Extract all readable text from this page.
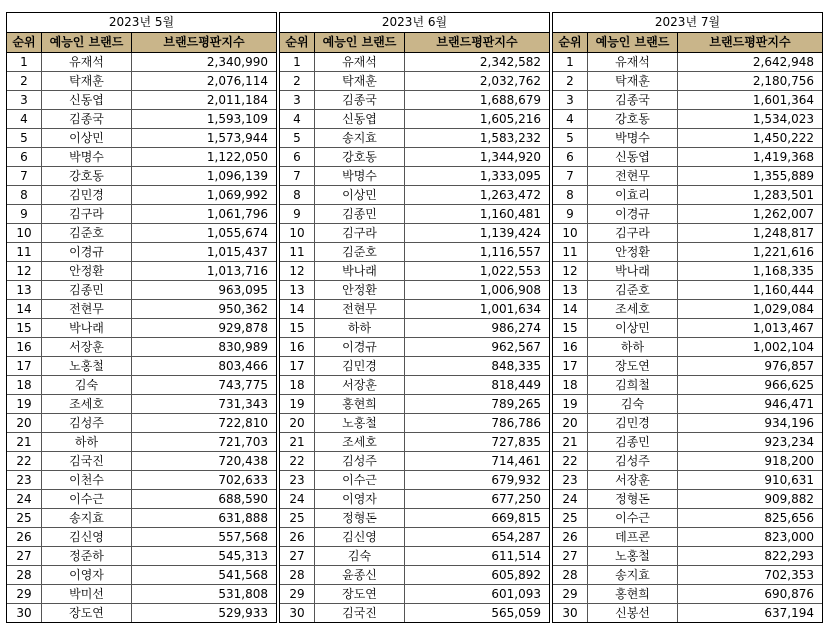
2023년 5월
순위	예능인 브랜드	브랜드평판지수
1	유재석	2,340,990
2	탁재훈	2,076,114
3	신동엽	2,011,184
4	김종국	1,593,109
5	이상민	1,573,944
6	박명수	1,122,050
7	강호동	1,096,139
8	김민경	1,069,992
9	김구라	1,061,796
10	김준호	1,055,674
11	이경규	1,015,437
12	안정환	1,013,716
13	김종민	963,095
14	전현무	950,362
15	박나래	929,878
16	서장훈	830,989
17	노홍철	803,466
18	김숙	743,775
19	조세호	731,343
20	김성주	722,810
21	하하	721,703
22	김국진	720,438
23	이천수	702,633
24	이수근	688,590
25	송지효	631,888
26	김신영	557,568
27	정준하	545,313
28	이영자	541,568
29	박미선	531,808
30	장도연	529,933
2023년 6월
순위	예능인 브랜드	브랜드평판지수
1	유재석	2,342,582
2	탁재훈	2,032,762
3	김종국	1,688,679
4	신동엽	1,605,216
5	송지효	1,583,232
6	강호동	1,344,920
7	박명수	1,333,095
8	이상민	1,263,472
9	김종민	1,160,481
10	김구라	1,139,424
11	김준호	1,116,557
12	박나래	1,022,553
13	안정환	1,006,908
14	전현무	1,001,634
15	하하	986,274
16	이경규	962,567
17	김민경	848,335
18	서장훈	818,449
19	홍현희	789,265
20	노홍철	786,786
21	조세호	727,835
22	김성주	714,461
23	이수근	679,932
24	이영자	677,250
25	정형돈	669,815
26	김신영	654,287
27	김숙	611,514
28	윤종신	605,892
29	장도연	601,093
30	김국진	565,059
2023년 7월
순위	예능인 브랜드	브랜드평판지수
1	유재석	2,642,948
2	탁재훈	2,180,756
3	김종국	1,601,364
4	강호동	1,534,023
5	박명수	1,450,222
6	신동엽	1,419,368
7	전현무	1,355,889
8	이효리	1,283,501
9	이경규	1,262,007
10	김구라	1,248,817
11	안정환	1,221,616
12	박나래	1,168,335
13	김준호	1,160,444
14	조세호	1,029,084
15	이상민	1,013,467
16	하하	1,002,104
17	장도연	976,857
18	김희철	966,625
19	김숙	946,471
20	김민경	934,196
21	김종민	923,234
22	김성주	918,200
23	서장훈	910,631
24	정형돈	909,882
25	이수근	825,656
26	데프콘	823,000
27	노홍철	822,293
28	송지효	702,353
29	홍현희	690,876
30	신봉선	637,194
